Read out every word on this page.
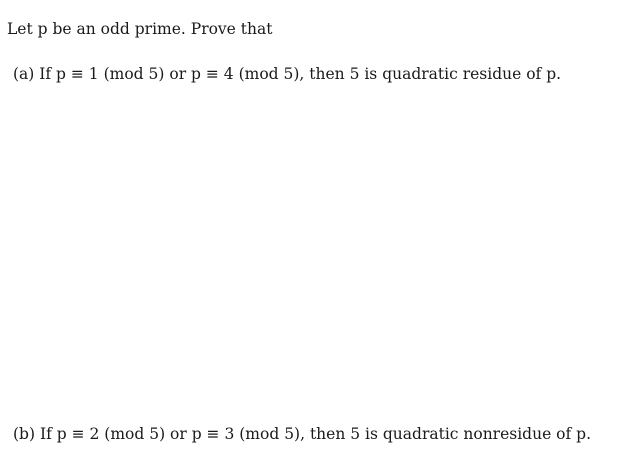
Let p be an odd prime. Prove that
(a) If p ≡ 1 (mod 5) or p ≡ 4 (mod 5), then 5 is quadratic residue of p.
(b) If p ≡ 2 (mod 5) or p ≡ 3 (mod 5), then 5 is quadratic nonresidue of p.
